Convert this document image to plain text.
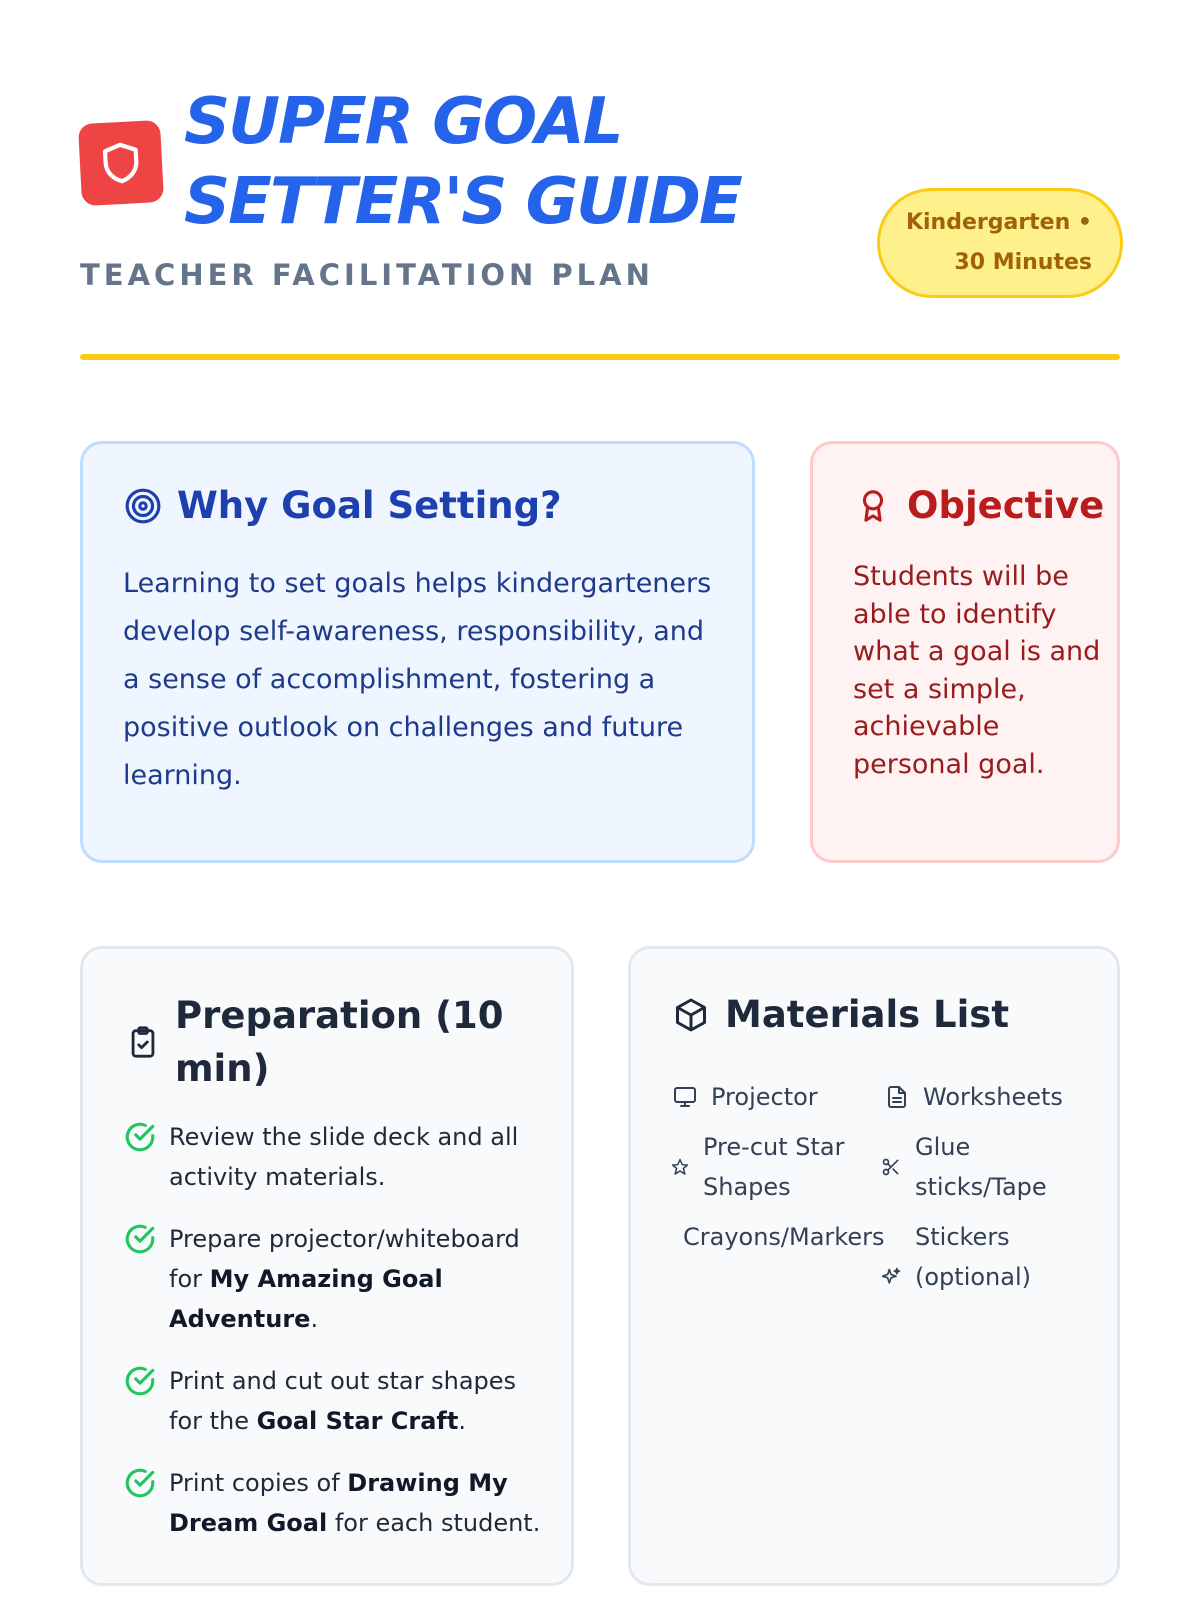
SUPER GOAL
SETTER'S GUIDE
TEACHER FACILITATION PLAN
Kindergarten •
30 Minutes
Why Goal Setting?
Learning to set goals helps kindergarteners develop self-awareness, responsibility, and a sense of accomplishment, fostering a positive outlook on challenges and future learning.
Objective
Students will be able to identify what a goal is and set a simple, achievable personal goal.
Preparation (10 min)
Review the slide deck and all activity materials.
Prepare projector/whiteboard for My Amazing Goal Adventure.
Print and cut out star shapes for the Goal Star Craft.
Print copies of Drawing My Dream Goal for each student.
Materials List
Projector	Worksheets
Pre-cut Star Shapes
Glue sticks/Tape
Crayons/Markers Stickers (optional)
